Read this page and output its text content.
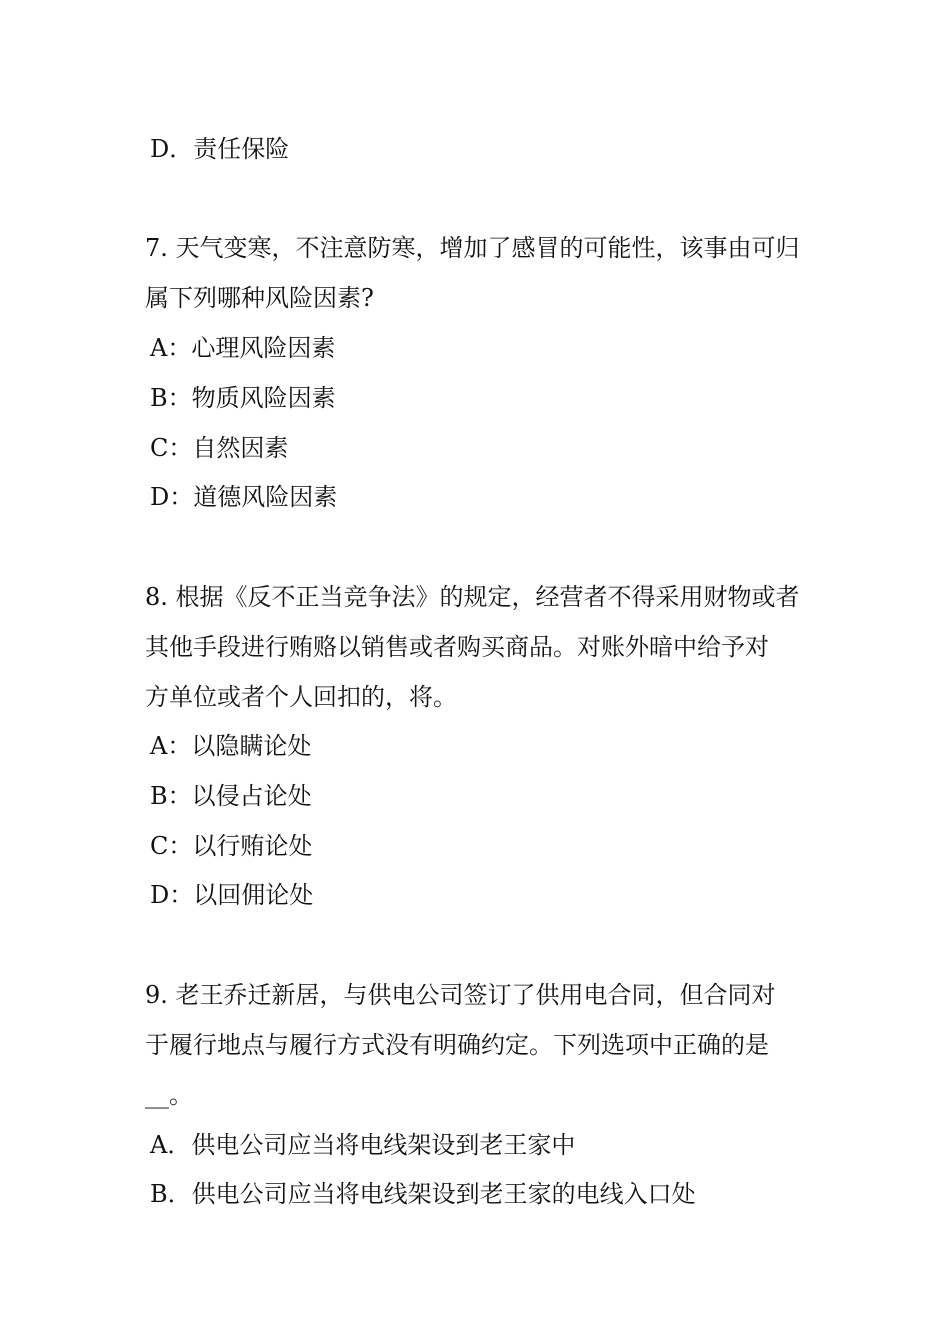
D．责任保险
7. 天气变寒，不注意防寒，增加了感冒的可能性，该事由可归
属下列哪种风险因素?
A：心理风险因素
B：物质风险因素
C：自然因素
D：道德风险因素
8. 根据《反不正当竞争法》的规定，经营者不得采用财物或者
其他手段进行贿赂以销售或者购买商品。对账外暗中给予对
方单位或者个人回扣的，将。
A：以隐瞒论处
B：以侵占论处
C：以行贿论处
D：以回佣论处
9. 老王乔迁新居，与供电公司签订了供用电合同，但合同对
于履行地点与履行方式没有明确约定。下列选项中正确的是
__。
A．供电公司应当将电线架设到老王家中
B．供电公司应当将电线架设到老王家的电线入口处
